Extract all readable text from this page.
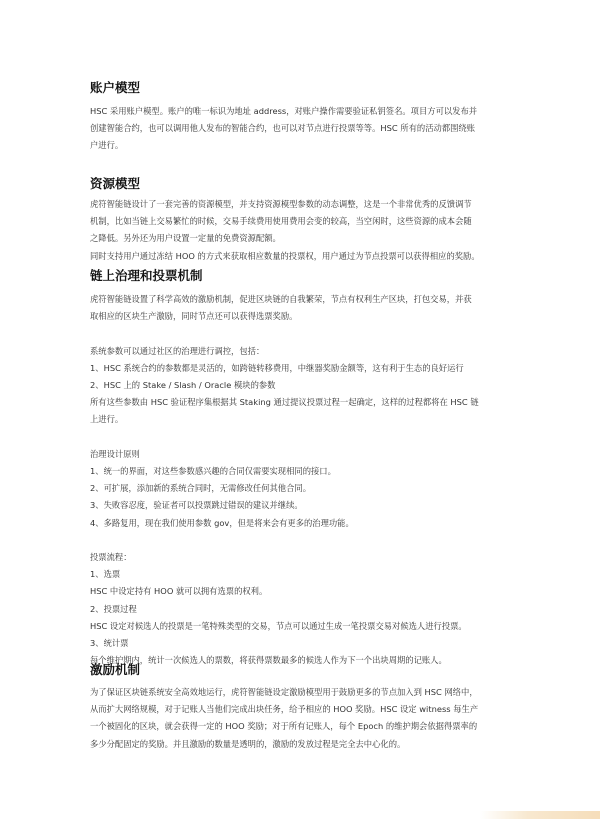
账户模型
HSC 采用账户模型。账户的唯一标识为地址 address，对账户操作需要验证私钥签名。项目方可以发布并
创建智能合约，也可以调用他人发布的智能合约，也可以对节点进行投票等等。HSC 所有的活动都围绕账
户进行。
资源模型
虎符智能链设计了一套完善的资源模型，并支持资源模型参数的动态调整，这是一个非常优秀的反馈调节
机制，比如当链上交易繁忙的时候，交易手续费用使用费用会变的较高，当空闲时，这些资源的成本会随
之降低。另外还为用户设置一定量的免费资源配额。
同时支持用户通过冻结 HOO 的方式来获取相应数量的投票权，用户通过为节点投票可以获得相应的奖励。
链上治理和投票机制
虎符智能链设置了科学高效的激励机制，促进区块链的自我繁荣，节点有权利生产区块，打包交易，并获
取相应的区块生产激励，同时节点还可以获得选票奖励。

系统参数可以通过社区的治理进行调控，包括：
1、HSC 系统合约的参数都是灵活的，如跨链转移费用，中继器奖励金额等，这有利于生态的良好运行
2、HSC 上的 Stake / Slash / Oracle 模块的参数
所有这些参数由 HSC 验证程序集根据其 Staking 通过提议投票过程一起确定，这样的过程都将在 HSC 链
上进行。

治理设计原则
1、统一的界面，对这些参数感兴趣的合同仅需要实现相同的接口。
2、可扩展，添加新的系统合同时，无需修改任何其他合同。
3、失败容忍度，验证者可以投票跳过错误的建议并继续。
4、多路复用，现在我们使用参数 gov，但是将来会有更多的治理功能。

投票流程：
1、选票
HSC 中设定持有 HOO 就可以拥有选票的权利。
2、投票过程
HSC 设定对候选人的投票是一笔特殊类型的交易，节点可以通过生成一笔投票交易对候选人进行投票。
3、统计票
每个维护期内，统计一次候选人的票数，将获得票数最多的候选人作为下一个出块周期的记账人。
激励机制
为了保证区块链系统安全高效地运行，虎符智能链设定激励模型用于鼓励更多的节点加入到 HSC 网络中，
从而扩大网络规模，对于记账人当他们完成出块任务，给予相应的 HOO 奖励。HSC 设定 witness 每生产
一个被固化的区块，就会获得一定的 HOO 奖励；对于所有记账人，每个 Epoch 的维护期会依据得票率的
多少分配固定的奖励。并且激励的数量是透明的，激励的发放过程是完全去中心化的。
